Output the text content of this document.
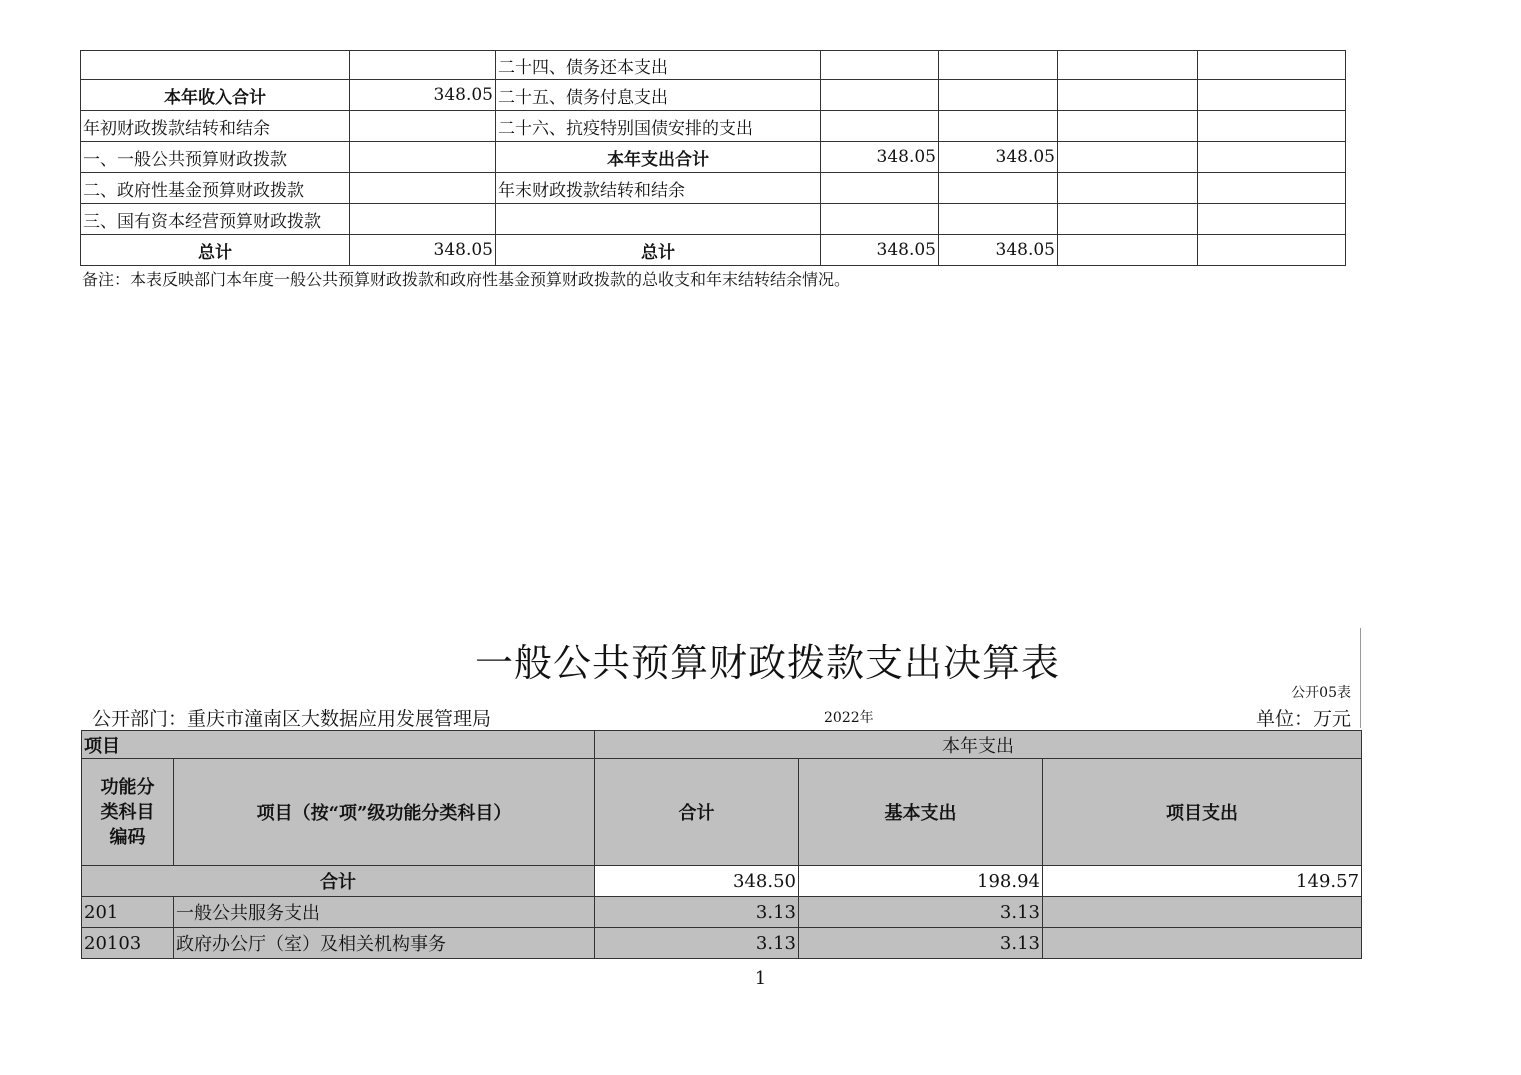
		二十四、债务还本支出				
本年收入合计	348.05	二十五、债务付息支出				
年初财政拨款结转和结余		二十六、抗疫特别国债安排的支出				
一、一般公共预算财政拨款		本年支出合计	348.05	348.05		
二、政府性基金预算财政拨款		年末财政拨款结转和结余				
三、国有资本经营预算财政拨款						
总计	348.05	总计	348.05	348.05		
备注：本表反映部门本年度一般公共预算财政拨款和政府性基金预算财政拨款的总收支和年末结转结余情况。
一般公共预算财政拨款支出决算表
公开05表
公开部门：重庆市潼南区大数据应用发展管理局	2022年	单位：万元
项目		本年支出		
功能分
类科目
编码	项目（按“项”级功能分类科目）	合计	基本支出	项目支出
合计		348.50	198.94	149.57
201	一般公共服务支出	3.13	3.13	
20103	政府办公厅（室）及相关机构事务	3.13	3.13	
1
